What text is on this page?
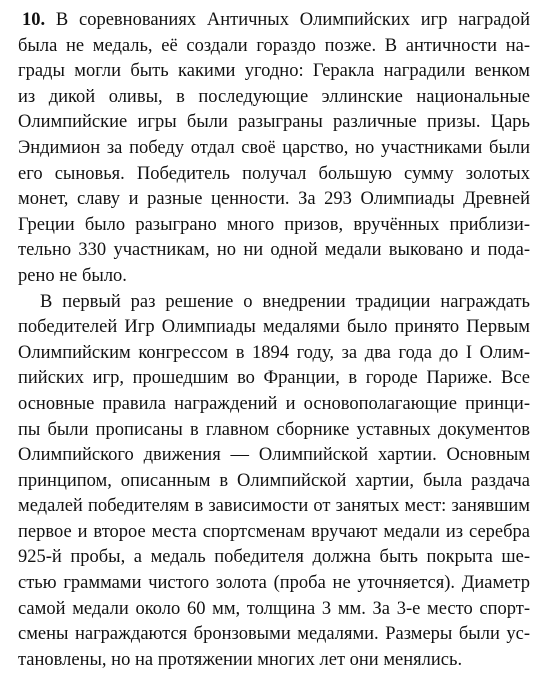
10. В соревнованиях Античных Олимпийских игр наградой
была не медаль, её создали гораздо позже. В античности на-
грады могли быть какими угодно: Геракла наградили венком
из дикой оливы, в последующие эллинские национальные
Олимпийские игры были разыграны различные призы. Царь
Эндимион за победу отдал своё царство, но участниками были
его сыновья. Победитель получал большую сумму золотых
монет, славу и разные ценности. За 293 Олимпиады Древней
Греции было разыграно много призов, вручённых приблизи-
тельно 330 участникам, но ни одной медали выковано и пода-
рено не было.
В первый раз решение о внедрении традиции награждать
победителей Игр Олимпиады медалями было принято Первым
Олимпийским конгрессом в 1894 году, за два года до I Олим-
пийских игр, прошедшим во Франции, в городе Париже. Все
основные правила награждений и основополагающие принци-
пы были прописаны в главном сборнике уставных документов
Олимпийского движения — Олимпийской хартии. Основным
принципом, описанным в Олимпийской хартии, была раздача
медалей победителям в зависимости от занятых мест: занявшим
первое и второе места спортсменам вручают медали из серебра
925-й пробы, а медаль победителя должна быть покрыта ше-
стью граммами чистого золота (проба не уточняется). Диаметр
самой медали около 60 мм, толщина 3 мм. За 3-е место спорт-
смены награждаются бронзовыми медалями. Размеры были ус-
тановлены, но на протяжении многих лет они менялись.
